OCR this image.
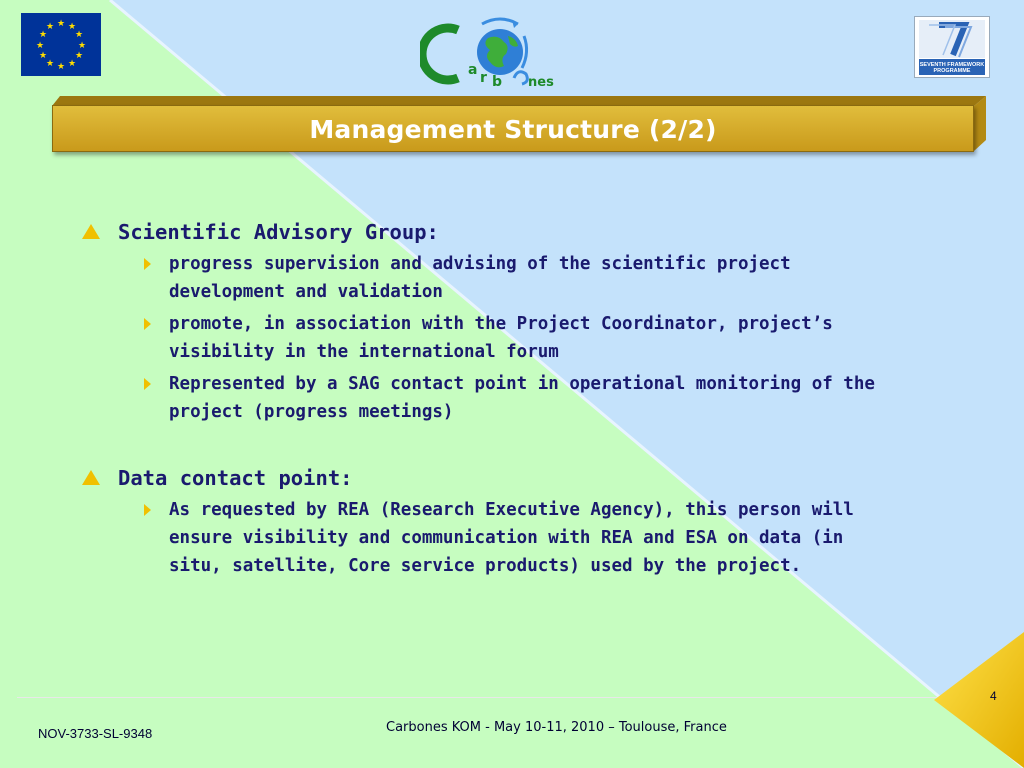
★ ★
★
★
★
★
★
★
★
★
★
★
a r b nes
SEVENTH FRAMEWORK
PROGRAMME
Management Structure (2/2)
Scientific Advisory Group:
progress supervision and advising of the scientific project development and validation
promote, in association with the Project Coordinator, project’s visibility in the international forum
Represented by a SAG contact point in operational monitoring of the project (progress meetings)
Data contact point:
As requested by REA (Research Executive Agency), this person will ensure visibility and communication with REA and ESA on data (in situ, satellite, Core service products) used by the project.
NOV-3733-SL-9348	Carbones KOM - May 10-11, 2010 – Toulouse, France
4
